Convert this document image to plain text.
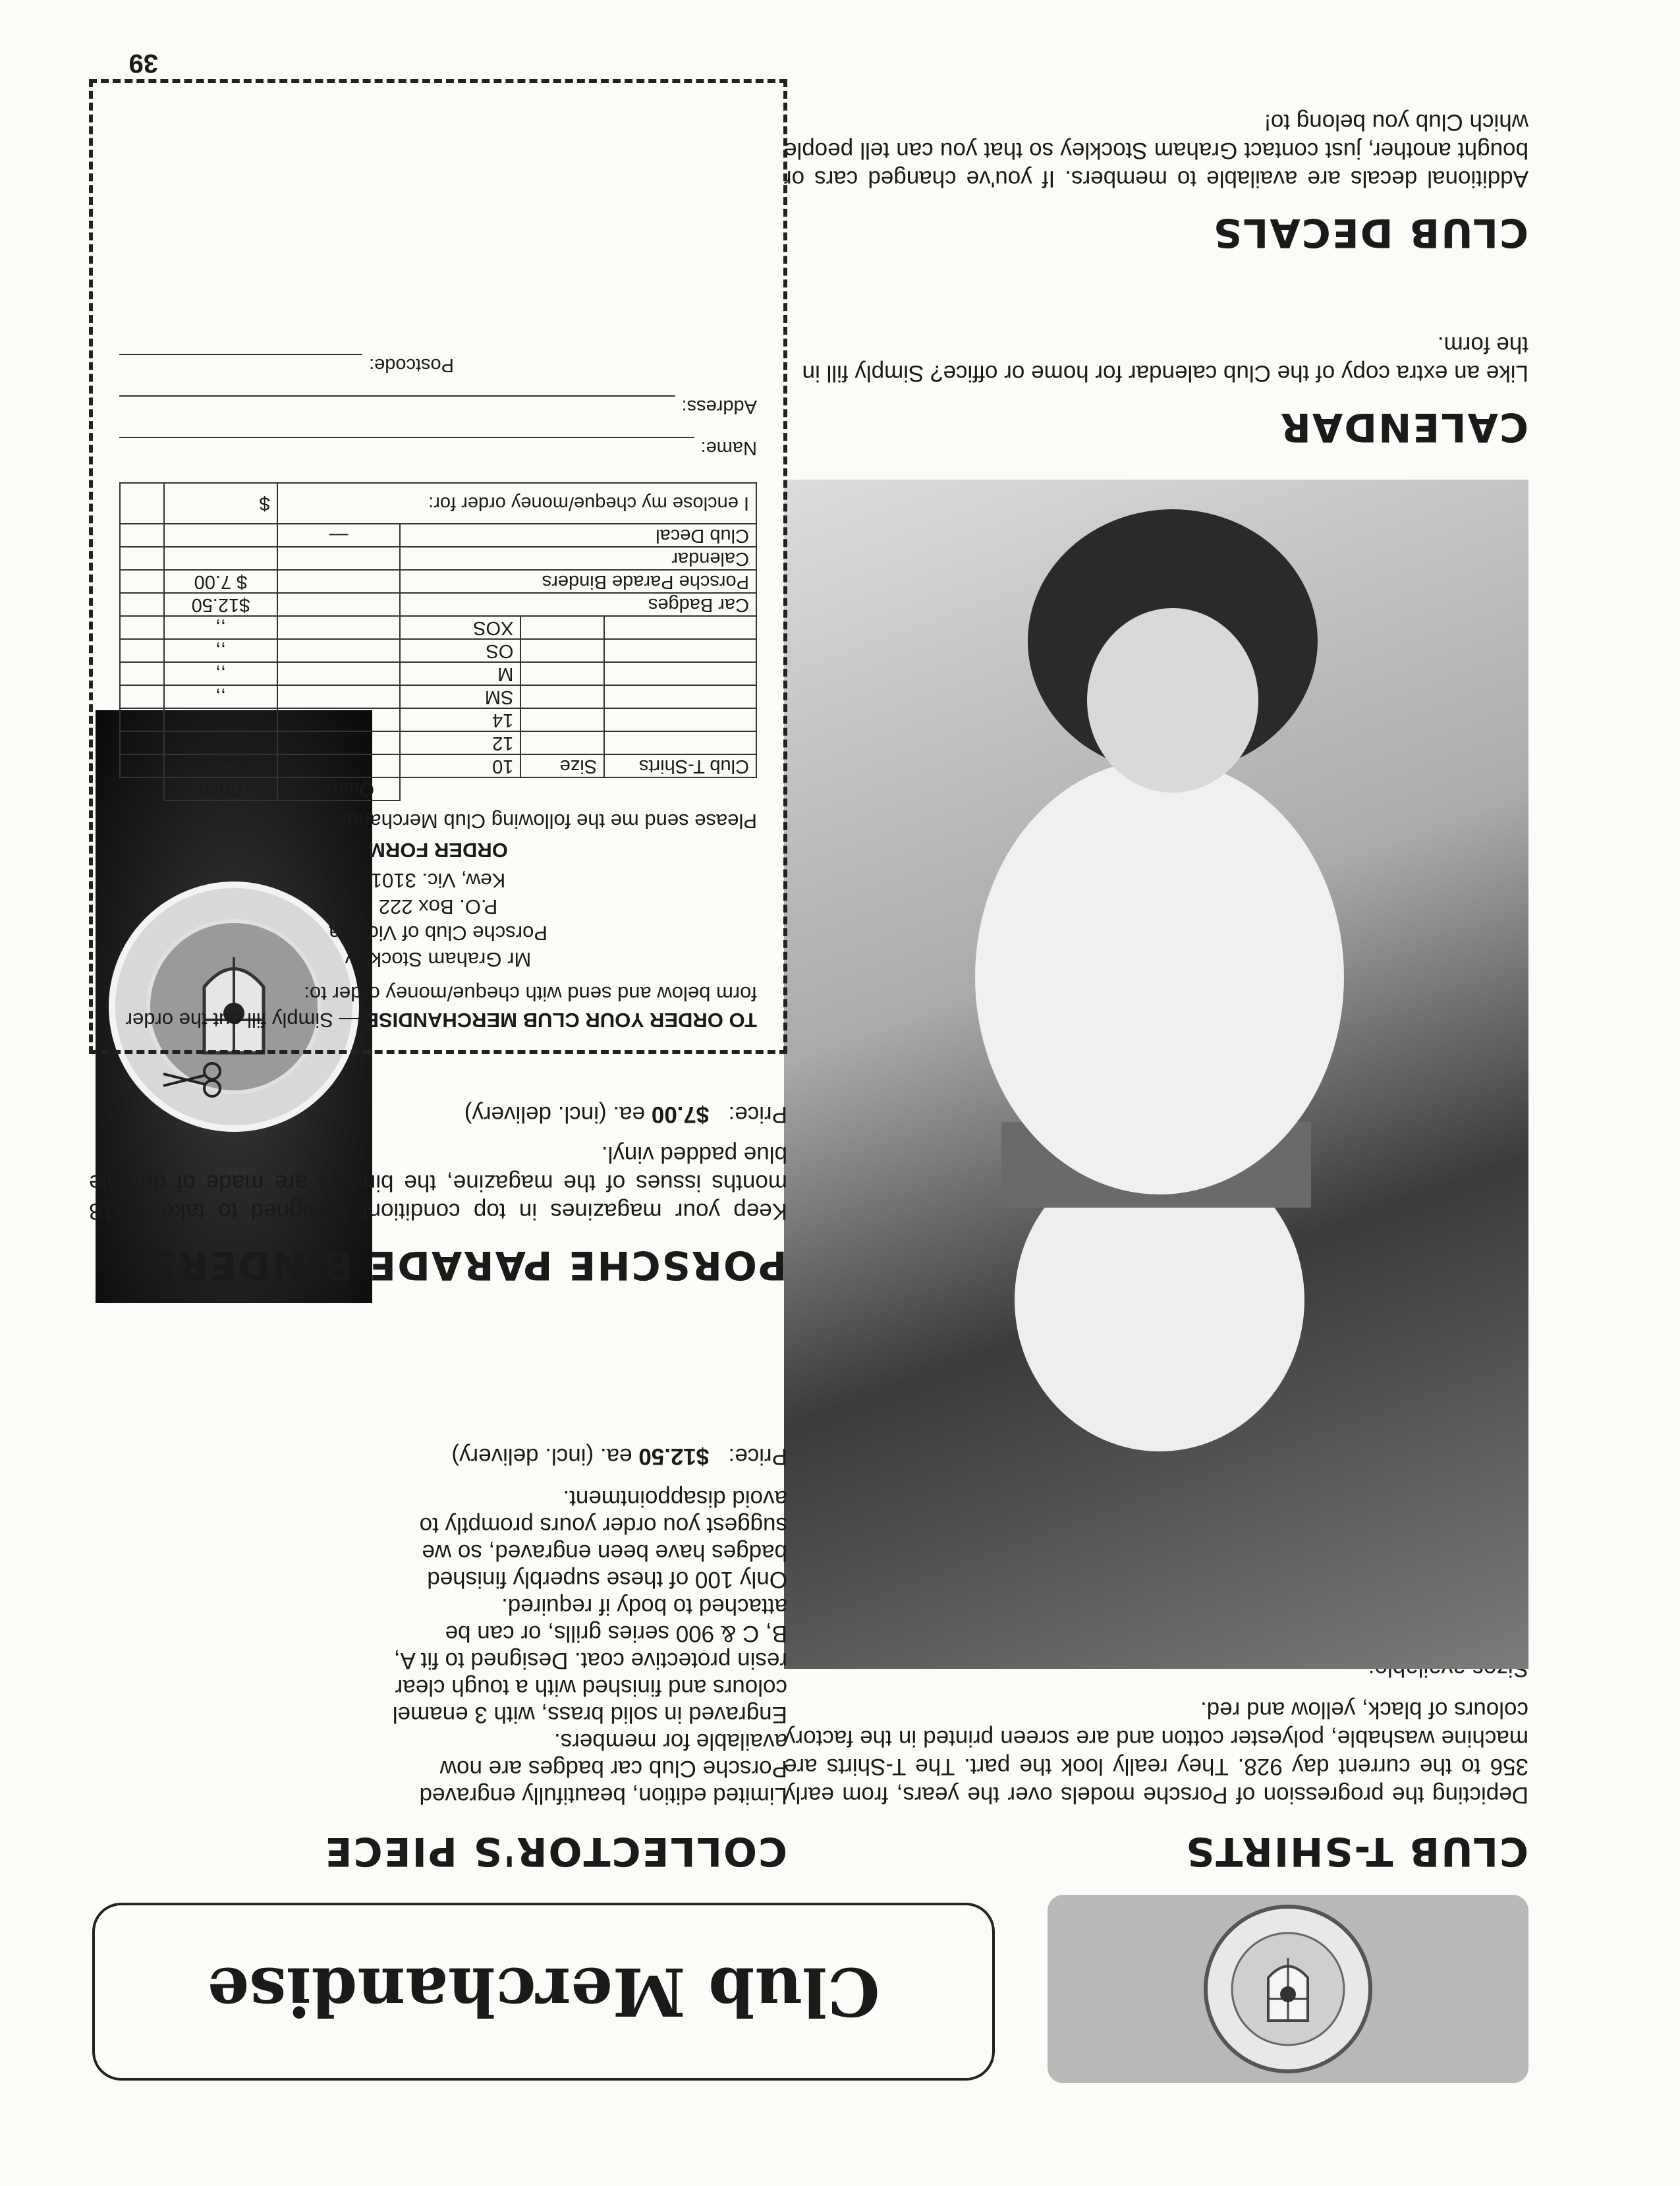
Club Merchandise
CLUB T-SHIRTS

Depicting the progression of Porsche models over the years, from early 356 to the current day 928. They really look the part. The T-Shirts are machine washable, polyester cotton and are screen printed in the factory colours of black, yellow and red.

CALENDAR

Like an extra copy of the Club calendar for home or office? Simply fill in the form.

CLUB DECALS

Additional decals are available to members. If you've changed cars or bought another, just contact Graham Stockley so that you can tell people which Club you belong to!

COLLECTOR'S PIECE

Limited edition, beautifully engraved Porsche Club car badges are now available for members.

Engraved in solid brass, with 3 enamel colours and finished with a tough clear resin protective coat. Designed to fit A, B, C & 900 series grills, or can be attached to body if required.

Only 100 of these superbly finished badges have been engraved, so we suggest you order yours promptly to avoid disappointment.

Price:   $12.50 ea. (incl. delivery)

PORSCHE PARADE BINDERS

Keep your magazines in top condition! Designed to take 12-18 months issues of the magazine, the binders are made of durable blue padded vinyl.

Price:   $7.00 ea. (incl. delivery)

TO ORDER YOUR CLUB MERCHANDISE — Simply fill out the order form below and send with cheque/money order to:

Mr Graham Stockley

Porsche Club of Victoria

P.O. Box 222

Kew, Vic. 3101

ORDER FORM

Please send me the following Club Merchandise:

			Quantity	Price	
Club T-Shirts	Size	10		$12.00	
		12		,,	
		14		,,	
		SM		,,	
		M		,,	
		OS		,,	
		XOS		,,	
Car Badges				$12.50	
Porsche Parade Binders				$ 7.00	
Calendar					
Club Decal			—		
I enclose my cheque/money order for:				$	
Name:
Address:
Postcode:
39
